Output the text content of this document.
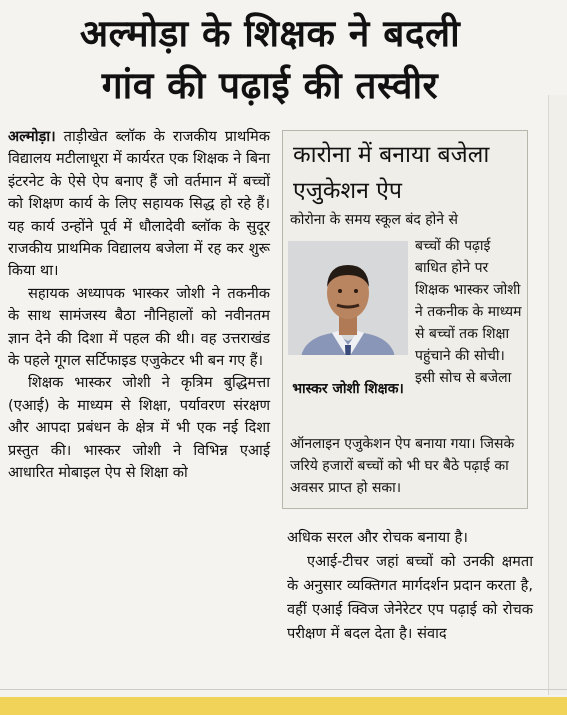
अल्मोड़ा के शिक्षक ने बदली
गांव की पढ़ाई की तस्वीर

अल्मोड़ा। ताड़ीखेत ब्लॉक के राजकीय प्राथमिक विद्यालय मटीलाधूरा में कार्यरत एक शिक्षक ने बिना इंटरनेट के ऐसे ऐप बनाए हैं जो वर्तमान में बच्चों को शिक्षण कार्य के लिए सहायक सिद्ध हो रहे हैं। यह कार्य उन्होंने पूर्व में धौलादेवी ब्लॉक के सुदूर राजकीय प्राथमिक विद्यालय बजेला में रह कर शुरू किया था।

सहायक अध्यापक भास्कर जोशी ने तकनीक के साथ सामंजस्य बैठा नौनिहालों को नवीनतम ज्ञान देने की दिशा में पहल की थी। वह उत्तराखंड के पहले गूगल सर्टिफाइड एजुकेटर भी बन गए हैं।

शिक्षक भास्कर जोशी ने कृत्रिम बुद्धिमत्ता (एआई) के माध्यम से शिक्षा, पर्यावरण संरक्षण और आपदा प्रबंधन के क्षेत्र में भी एक नई दिशा प्रस्तुत की। भास्कर जोशी ने विभिन्न एआई आधारित मोबाइल ऐप से शिक्षा को

कारोना में बनाया बजेला एजुकेशन ऐप
कोरोना के समय स्कूल बंद होने से
भास्कर जोशी शिक्षक।
बच्चों की पढ़ाई बाधित होने पर शिक्षक भास्कर जोशी ने तकनीक के माध्यम से बच्चों तक शिक्षा पहुंचाने की सोची। इसी सोच से बजेला
ऑनलाइन एजुकेशन ऐप बनाया गया। जिसके जरिये हजारों बच्चों को भी घर बैठे पढ़ाई का अवसर प्राप्त हो सका।

अधिक सरल और रोचक बनाया है।

एआई-टीचर जहां बच्चों को उनकी क्षमता के अनुसार व्यक्तिगत मार्गदर्शन प्रदान करता है, वहीं एआई क्विज जेनेरेटर एप पढ़ाई को रोचक परीक्षण में बदल देता है। संवाद
